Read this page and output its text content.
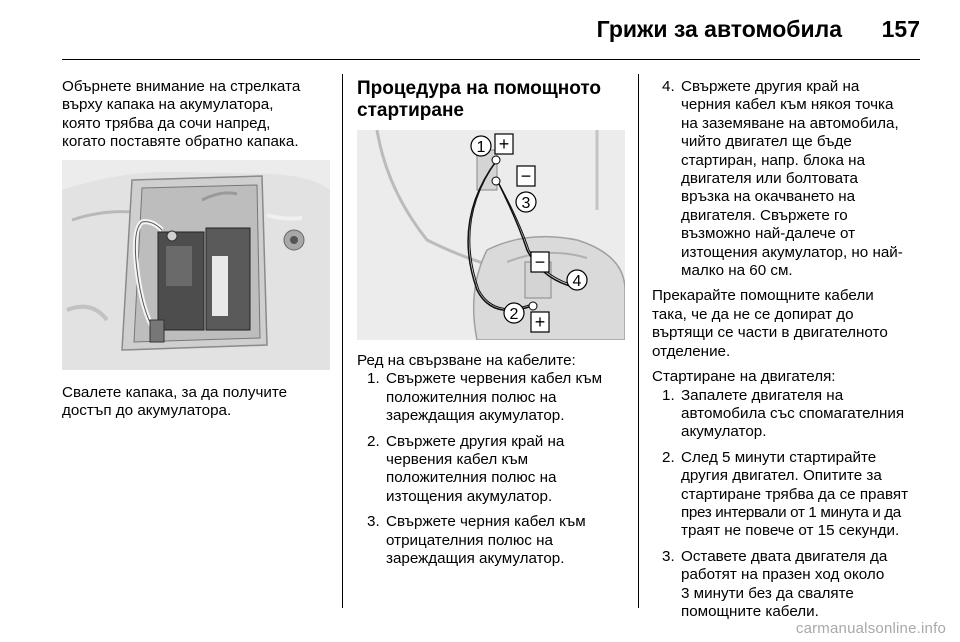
Грижи за автомобила 157

Обърнете внимание на стрелката
върху капака на акумулатора,
която трябва да сочи напред,
когато поставяте обратно капака.

Свалете капака, за да получите
достъп до акумулатора.

Процедура на помощното
стартиране
+
−
−
+
1
2
3
4

Ред на свързване на кабелите:

1. Свържете червения кабел към
положителния полюс на
зареждащия акумулатор.
2. Свържете другия край на
червения кабел към
положителния полюс на
изтощения акумулатор.
3. Свържете черния кабел към
отрицателния полюс на
зареждащия акумулатор.
4. Свържете другия край на
черния кабел към някоя точка
на заземяване на автомобила,
чийто двигател ще бъде
стартиран, напр. блока на
двигателя или болтовата
връзка на окачването на
двигателя. Свържете го
възможно най-далече от
изтощения акумулатор, но най-
малко на 60 см.

Прекарайте помощните кабели
така, че да не се допират до
въртящи се части в двигателното
отделение.

Стартиране на двигателя:

1. Запалете двигателя на
автомобила със спомагателния
акумулатор.
2. След 5 минути стартирайте
другия двигател. Опитите за
стартиране трябва да се правят
през интервали от 1 минута и да
траят не повече от 15 секунди.
3. Оставете двата двигателя да
работят на празен ход около
3 минути без да сваляте
помощните кабели.
carmanualsonline.info
